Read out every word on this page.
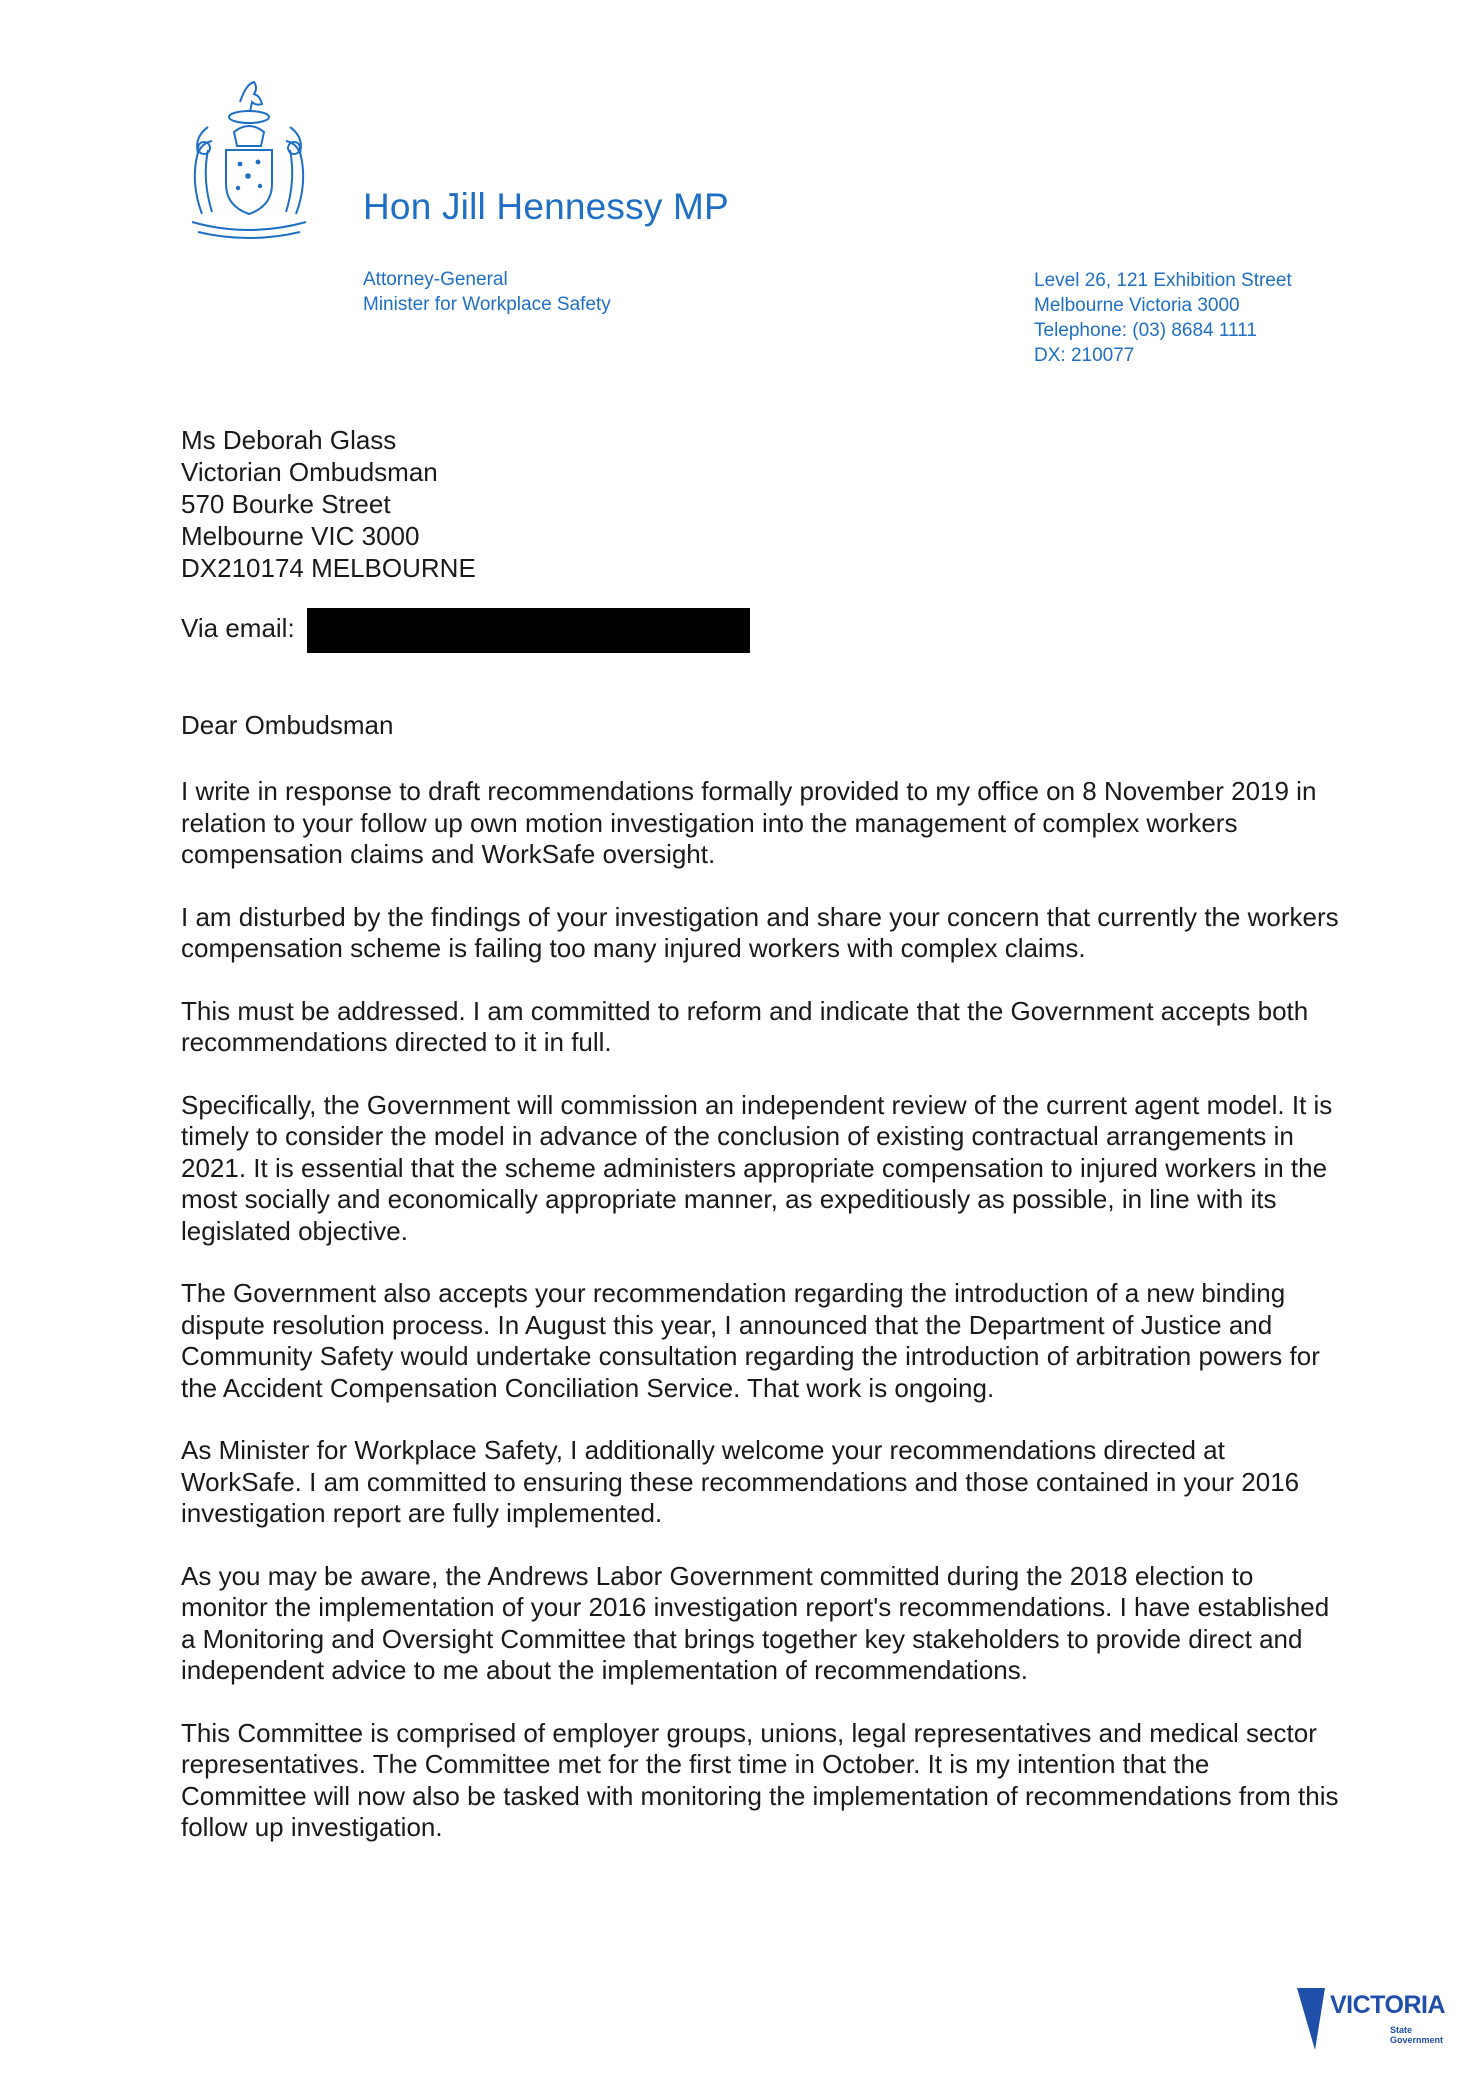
Hon Jill Hennessy MP
Attorney-General
Minister for Workplace Safety
Level 26, 121 Exhibition Street
Melbourne Victoria 3000
Telephone: (03) 8684 1111
DX: 210077
Ms Deborah Glass
Victorian Ombudsman
570 Bourke Street
Melbourne VIC 3000
DX210174 MELBOURNE
Via email:
Dear Ombudsman

I write in response to draft recommendations formally provided to my office on 8 November 2019 in relation to your follow up own motion investigation into the management of complex workers compensation claims and WorkSafe oversight.

I am disturbed by the findings of your investigation and share your concern that currently the workers compensation scheme is failing too many injured workers with complex claims.

This must be addressed. I am committed to reform and indicate that the Government accepts both recommendations directed to it in full.

Specifically, the Government will commission an independent review of the current agent model. It is timely to consider the model in advance of the conclusion of existing contractual arrangements in 2021. It is essential that the scheme administers appropriate compensation to injured workers in the most socially and economically appropriate manner, as expeditiously as possible, in line with its legislated objective.

The Government also accepts your recommendation regarding the introduction of a new binding dispute resolution process. In August this year, I announced that the Department of Justice and Community Safety would undertake consultation regarding the introduction of arbitration powers for the Accident Compensation Conciliation Service. That work is ongoing.

As Minister for Workplace Safety, I additionally welcome your recommendations directed at WorkSafe. I am committed to ensuring these recommendations and those contained in your 2016 investigation report are fully implemented.

As you may be aware, the Andrews Labor Government committed during the 2018 election to monitor the implementation of your 2016 investigation report's recommendations. I have established a Monitoring and Oversight Committee that brings together key stakeholders to provide direct and independent advice to me about the implementation of recommendations.

This Committee is comprised of employer groups, unions, legal representatives and medical sector representatives. The Committee met for the first time in October. It is my intention that the Committee will now also be tasked with monitoring the implementation of recommendations from this follow up investigation.

VICTORIA
State
Government
